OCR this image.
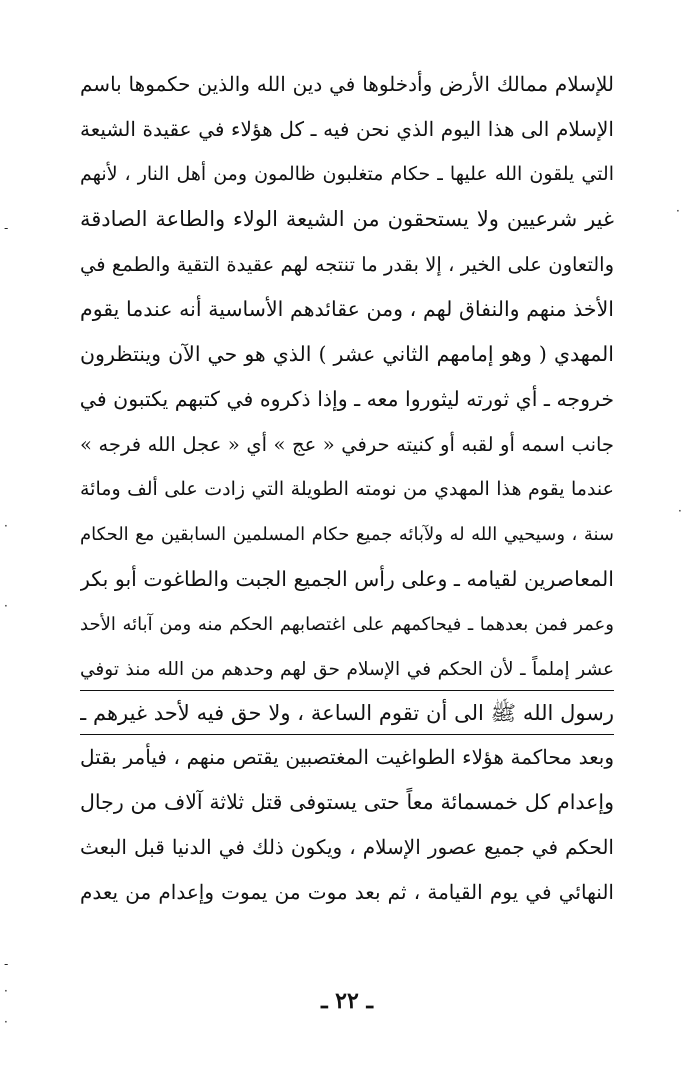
للإسلام ممالك الأرض وأدخلوها في دين الله والذين حكموها باسم
الإسلام الى هذا اليوم الذي نحن فيه ـ كل هؤلاء في عقيدة الشيعة
التي يلقون الله عليها ـ حكام متغلبون ظالمون ومن أهل النار ، لأنهم
غير شرعيين ولا يستحقون من الشيعة الولاء والطاعة الصادقة
والتعاون على الخير ، إلا بقدر ما تنتجه لهم عقيدة التقية والطمع في
الأخذ منهم والنفاق لهم ، ومن عقائدهم الأساسية أنه عندما يقوم
المهدي ( وهو إمامهم الثاني عشر ) الذي هو حي الآن وينتظرون
خروجه ـ أي ثورته ليثوروا معه ـ وإذا ذكروه في كتبهم يكتبون في
جانب اسمه أو لقبه أو كنيته حرفي « عج » أي « عجل الله فرجه »
عندما يقوم هذا المهدي من نومته الطويلة التي زادت على ألف ومائة
سنة ، وسيحيي الله له ولآبائه جميع حكام المسلمين السابقين مع الحكام
المعاصرين لقيامه ـ وعلى رأس الجميع الجبت والطاغوت أبو بكر
وعمر فمن بعدهما ـ فيحاكمهم على اغتصابهم الحكم منه ومن آبائه الأحد
عشر إملماً ـ لأن الحكم في الإسلام حق لهم وحدهم من الله منذ توفي
رسول الله ﷺ الى أن تقوم الساعة ، ولا حق فيه لأحد غيرهم ـ
وبعد محاكمة هؤلاء الطواغيت المغتصبين يقتص منهم ، فيأمر بقتل
وإعدام كل خمسمائة معاً حتى يستوفى قتل ثلاثة آلاف من رجال
الحكم في جميع عصور الإسلام ، ويكون ذلك في الدنيا قبل البعث
النهائي في يوم القيامة ، ثم بعد موت من يموت وإعدام من يعدم
ـ ٢٢ ـ
-
·
·
-
·
·
·
·
